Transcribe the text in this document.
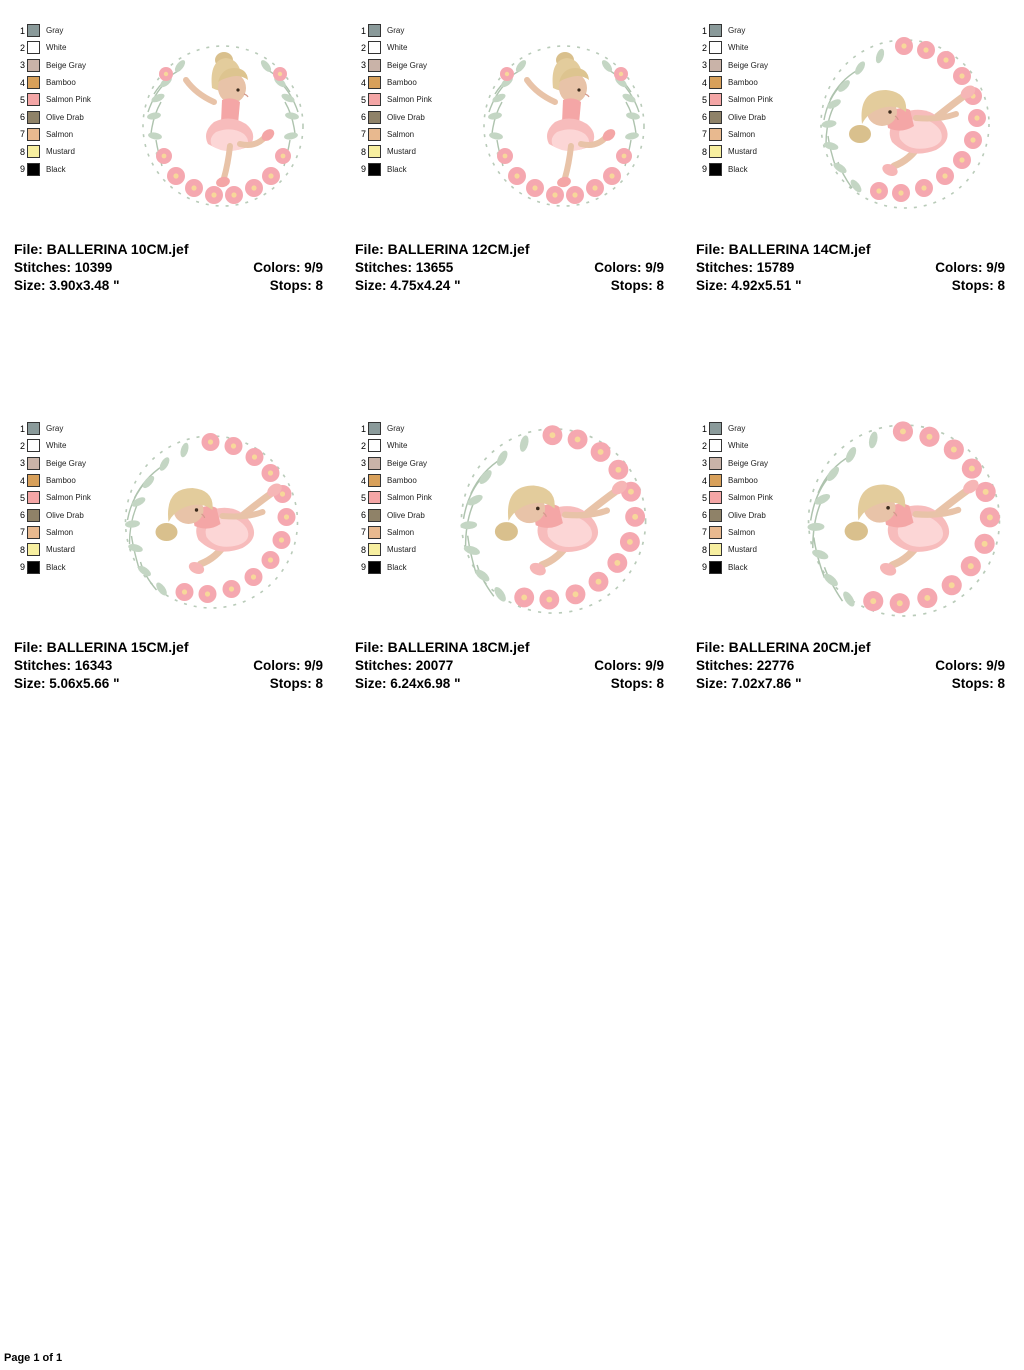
1	Gray
2	White
3	Beige Gray
4	Bamboo
5	Salmon Pink
6	Olive Drab
7	Salmon
8	Mustard
9	Black
File: BALLERINA 10CM.jef
Stitches: 10399	Colors: 9/9
Size: 3.90x3.48 "	Stops: 8
1	Gray
2	White
3	Beige Gray
4	Bamboo
5	Salmon Pink
6	Olive Drab
7	Salmon
8	Mustard
9	Black
File: BALLERINA 12CM.jef
Stitches: 13655	Colors: 9/9
Size: 4.75x4.24 "	Stops: 8
1	Gray
2	White
3	Beige Gray
4	Bamboo
5	Salmon Pink
6	Olive Drab
7	Salmon
8	Mustard
9	Black
File: BALLERINA 14CM.jef
Stitches: 15789	Colors: 9/9
Size: 4.92x5.51 "	Stops: 8
1	Gray
2	White
3	Beige Gray
4	Bamboo
5	Salmon Pink
6	Olive Drab
7	Salmon
8	Mustard
9	Black
File: BALLERINA 15CM.jef
Stitches: 16343	Colors: 9/9
Size: 5.06x5.66 "	Stops: 8
1	Gray
2	White
3	Beige Gray
4	Bamboo
5	Salmon Pink
6	Olive Drab
7	Salmon
8	Mustard
9	Black
File: BALLERINA 18CM.jef
Stitches: 20077	Colors: 9/9
Size: 6.24x6.98 "	Stops: 8
1	Gray
2	White
3	Beige Gray
4	Bamboo
5	Salmon Pink
6	Olive Drab
7	Salmon
8	Mustard
9	Black
File: BALLERINA 20CM.jef
Stitches: 22776	Colors: 9/9
Size: 7.02x7.86 "	Stops: 8
Page 1 of 1
